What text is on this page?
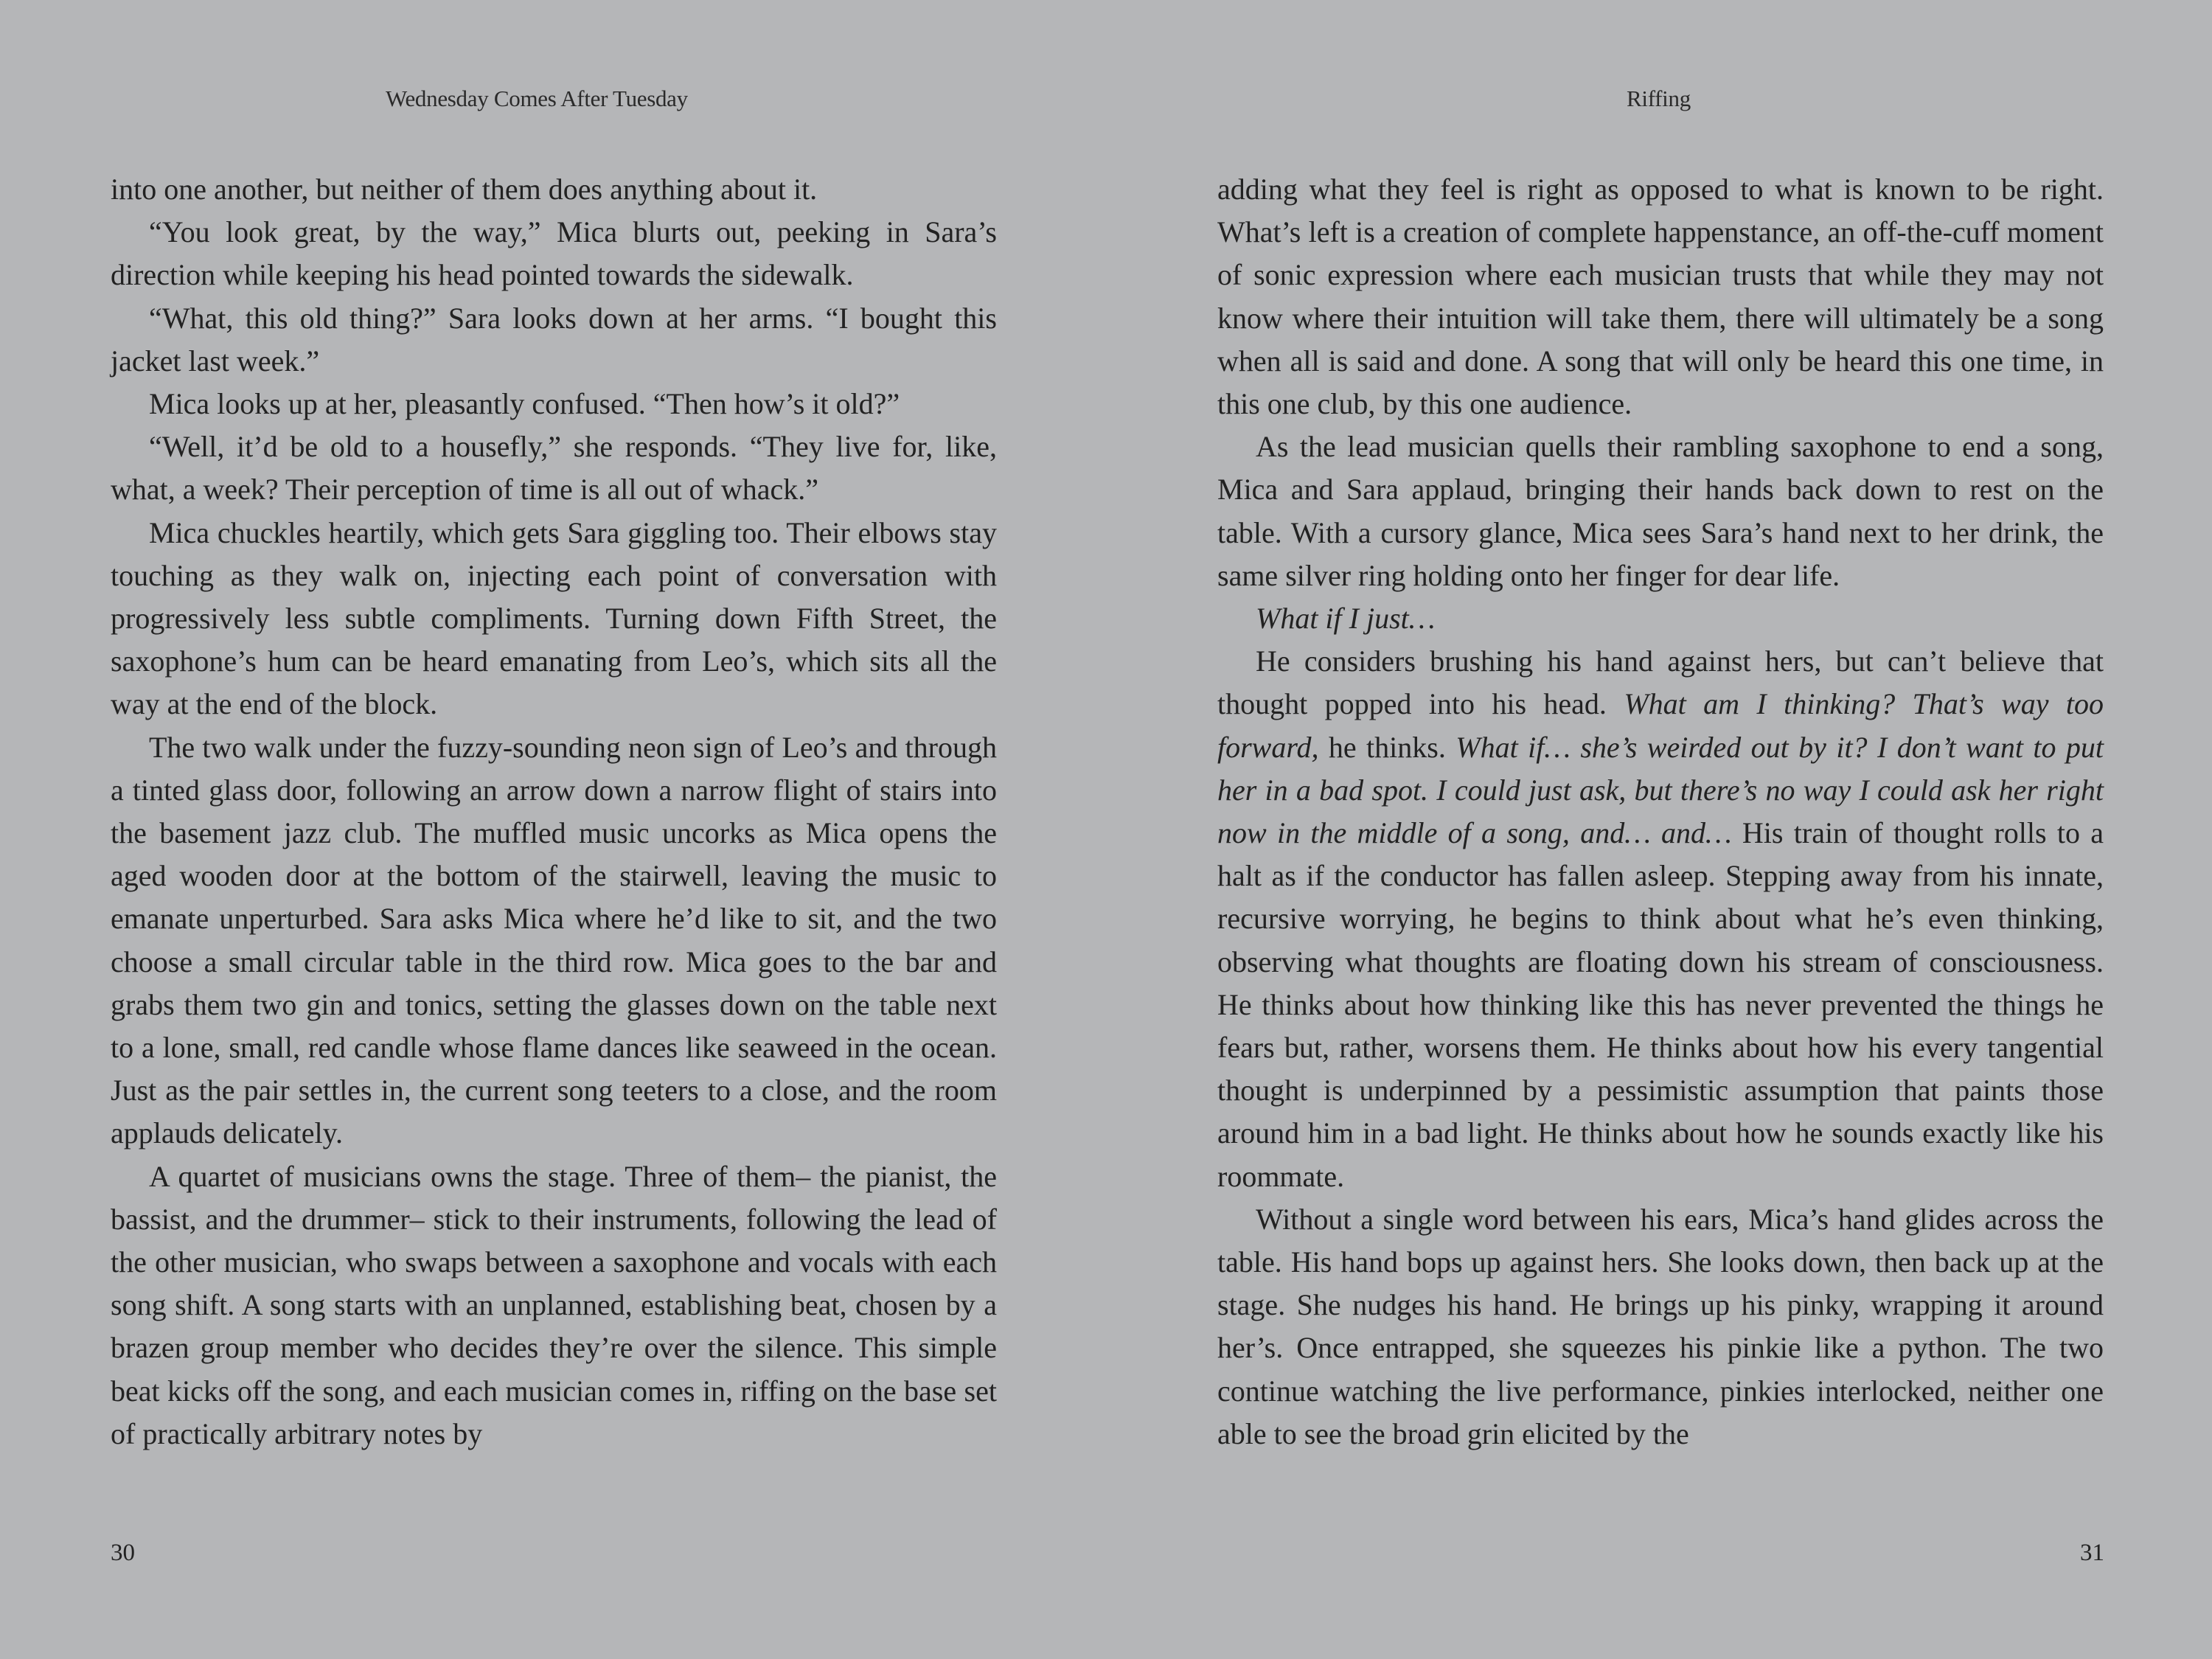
Wednesday Comes After Tuesday

into one another, but neither of them does anything about it.

“You look great, by the way,” Mica blurts out, peeking in Sara’s direction while keeping his head pointed towards the sidewalk.

“What, this old thing?” Sara looks down at her arms. “I bought this jacket last week.”

Mica looks up at her, pleasantly confused. “Then how’s it old?”

“Well, it’d be old to a housefly,” she responds. “They live for, like, what, a week? Their perception of time is all out of whack.”

Mica chuckles heartily, which gets Sara giggling too. Their elbows stay touching as they walk on, injecting each point of conversation with progressively less subtle compliments. Turning down Fifth Street, the saxophone’s hum can be heard emanating from Leo’s, which sits all the way at the end of the block.

The two walk under the fuzzy-sounding neon sign of Leo’s and through a tinted glass door, following an arrow down a narrow flight of stairs into the basement jazz club. The muffled music uncorks as Mica opens the aged wooden door at the bottom of the stairwell, leaving the music to emanate unperturbed. Sara asks Mica where he’d like to sit, and the two choose a small circular table in the third row. Mica goes to the bar and grabs them two gin and tonics, setting the glasses down on the table next to a lone, small, red candle whose flame dances like seaweed in the ocean. Just as the pair settles in, the current song teeters to a close, and the room applauds delicately.

A quartet of musicians owns the stage. Three of them– the pianist, the bassist, and the drummer– stick to their instruments, following the lead of the other musician, who swaps between a saxophone and vocals with each song shift. A song starts with an unplanned, establishing beat, chosen by a brazen group member who decides they’re over the silence. This simple beat kicks off the song, and each musician comes in, riffing on the base set of practically arbitrary notes by

30
Riffing

adding what they feel is right as opposed to what is known to be right. What’s left is a creation of complete happenstance, an off-the-cuff moment of sonic expression where each musician trusts that while they may not know where their intuition will take them, there will ultimately be a song when all is said and done. A song that will only be heard this one time, in this one club, by this one audience.

As the lead musician quells their rambling saxophone to end a song, Mica and Sara applaud, bringing their hands back down to rest on the table. With a cursory glance, Mica sees Sara’s hand next to her drink, the same silver ring holding onto her finger for dear life.

What if I just…

He considers brushing his hand against hers, but can’t believe that thought popped into his head. What am I thinking? That’s way too forward, he thinks. What if… she’s weirded out by it? I don’t want to put her in a bad spot. I could just ask, but there’s no way I could ask her right now in the middle of a song, and… and… His train of thought rolls to a halt as if the conductor has fallen asleep. Stepping away from his innate, recursive worrying, he begins to think about what he’s even thinking, observing what thoughts are floating down his stream of consciousness. He thinks about how thinking like this has never prevented the things he fears but, rather, worsens them. He thinks about how his every tangential thought is underpinned by a pessimistic assumption that paints those around him in a bad light. He thinks about how he sounds exactly like his roommate.

Without a single word between his ears, Mica’s hand glides across the table. His hand bops up against hers. She looks down, then back up at the stage. She nudges his hand. He brings up his pinky, wrapping it around her’s. Once entrapped, she squeezes his pinkie like a python. The two continue watching the live performance, pinkies interlocked, neither one able to see the broad grin elicited by the

31
